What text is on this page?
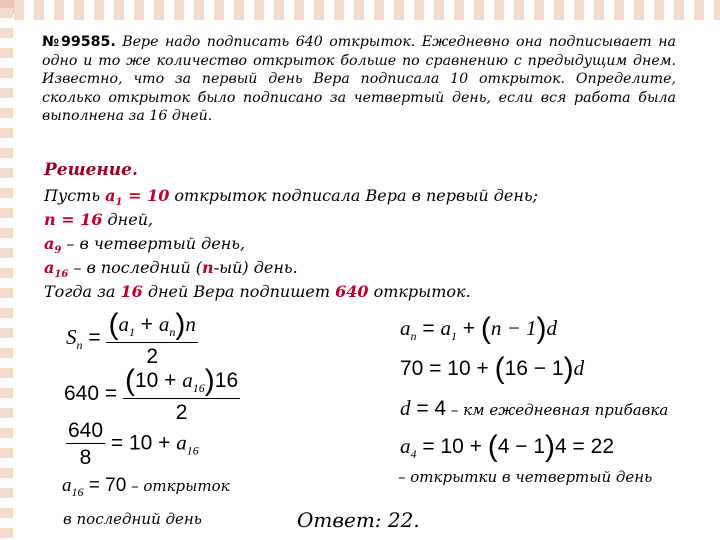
№99585. Вере надо подписать 640 открыток. Ежедневно она подписывает на одно и то же количество открыток больше по сравнению с предыдущим днем. Известно, что за первый день Вера подписала 10 открыток. Определите, сколько открыток было подписано за четвертый день, если вся работа была выполнена за 16 дней.
Решение.
Пусть $a_1 = 10$ открыток подписала Вера в первый день;
n = 16 дней,
$a_9$ – в четвертый день,
$a_{16}$ – в последний (n-ый) день.
Тогда за 16 дней Вера подпишет 640 открыток.
$S_n = \frac{(a_1 + a_n)n}{2}$
$640 = \frac{(10 + a_{16})16}{2}$
$\frac{640}{8} = 10 + a_{16}$
$a_{16} = 70$ – открыток
в последний день
$a_n = a_1 + (n - 1)d$
70 = 10 + (16 − 1)d
d = 4 – км ежедневная прибавка
$a_4 = 10 + (4 - 1)4 = 22$
– открытки в четвертый день
Ответ: 22.
